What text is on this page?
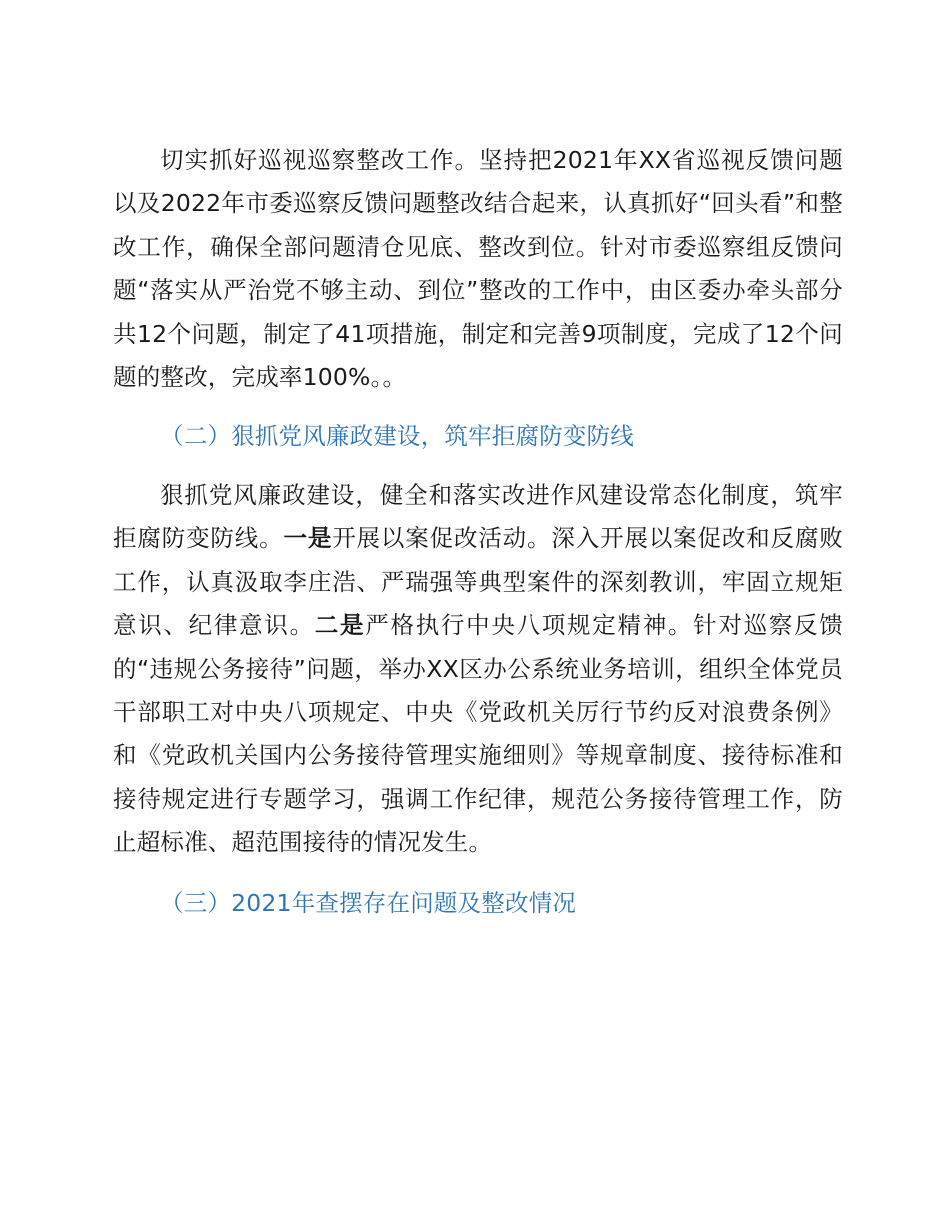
切实抓好巡视巡察整改工作。坚持把2021年XX省巡视反馈问题以及2022年市委巡察反馈问题整改结合起来，认真抓好“回头看”和整改工作，确保全部问题清仓见底、整改到位。针对市委巡察组反馈问题“落实从严治党不够主动、到位”整改的工作中，由区委办牵头部分共12个问题，制定了41项措施，制定和完善9项制度，完成了12个问题的整改，完成率100%。。

（二）狠抓党风廉政建设，筑牢拒腐防变防线

狠抓党风廉政建设，健全和落实改进作风建设常态化制度，筑牢拒腐防变防线。一是开展以案促改活动。深入开展以案促改和反腐败工作，认真汲取李庄浩、严瑞强等典型案件的深刻教训，牢固立规矩意识、纪律意识。二是严格执行中央八项规定精神。针对巡察反馈的“违规公务接待”问题，举办XX区办公系统业务培训，组织全体党员干部职工对中央八项规定、中央《党政机关厉行节约反对浪费条例》和《党政机关国内公务接待管理实施细则》等规章制度、接待标准和接待规定进行专题学习，强调工作纪律，规范公务接待管理工作，防止超标准、超范围接待的情况发生。

（三）2021年查摆存在问题及整改情况
